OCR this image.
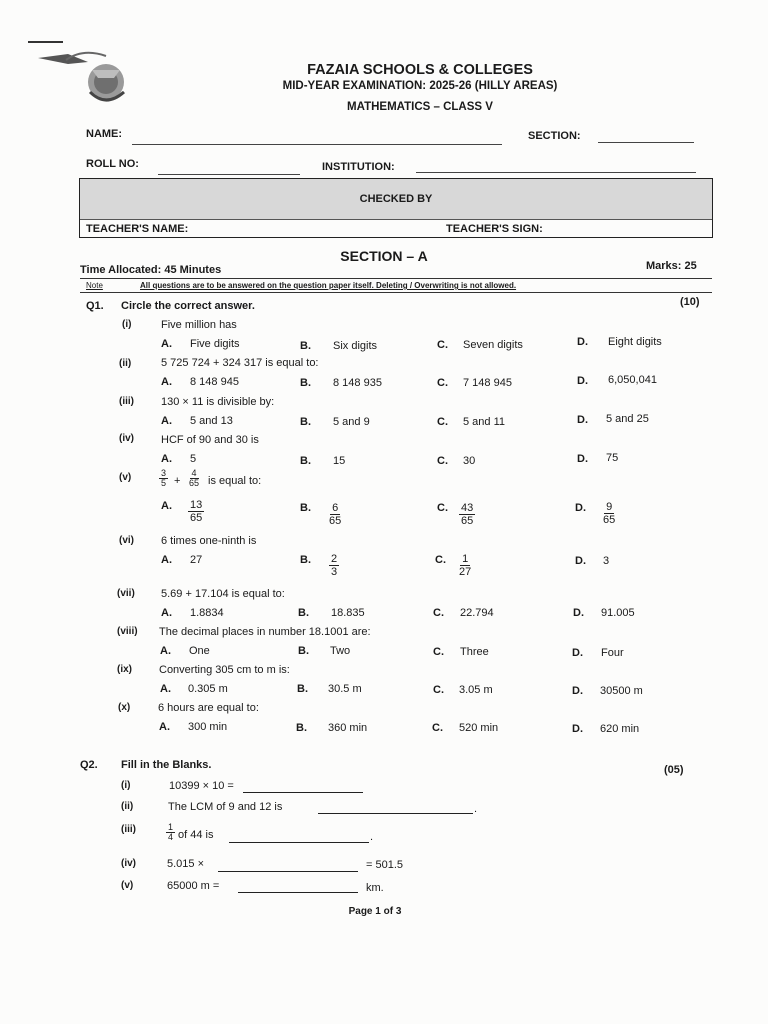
FAZAIA SCHOOLS & COLLEGES
MID-YEAR EXAMINATION: 2025-26 (HILLY AREAS)
MATHEMATICS – CLASS V
NAME:	SECTION:
ROLL NO:	INSTITUTION:
CHECKED BY
TEACHER'S NAME:	TEACHER'S SIGN:
SECTION – A
Time Allocated: 45 Minutes	Marks: 25
Note	All questions are to be answered on the question paper itself. Deleting / Overwriting is not allowed.
Q1. Circle the correct answer.	(10)
(i)	Five million has
A. Five digits	B. Six digits	C. Seven digits	D. Eight digits
(ii)	5 725 724 + 324 317 is equal to:
A. 8 148 945	B. 8 148 935	C. 7 148 945	D. 6,050,041
(iii) 130 × 11 is divisible by:
A. 5 and 13	B. 5 and 9	C. 5 and 11	D. 5 and 25
(iv) HCF of 90 and 30 is
A. 5	B. 15	C. 30	D. 75
(v)	$\frac{3}{5} + \frac{4}{65}$ is equal to:
A. $\frac{13}{65}$	B. $\frac{6}{65}$	C. $\frac{43}{65}$	D. $\frac{9}{65}$
(vi) 6 times one-ninth is
A. 27	B. $\frac{2}{3}$	C. $\frac{1}{27}$	D. 3
(vii) 5.69 + 17.104 is equal to:
A. 1.8834	B. 18.835	C. 22.794	D. 91.005
(viii) The decimal places in number 18.1001 are:
A. One	B. Two	C. Three	D. Four
(ix) Converting 305 cm to m is:
A. 0.305 m	B. 30.5 m	C. 3.05 m	D. 30500 m
(x)	6 hours are equal to:
A. 300 min	B. 360 min	C. 520 min	D. 620 min
Q2. Fill in the Blanks.	(05)
(i)	10399 × 10 =
(ii)	The LCM of 9 and 12 is	.
(iii)	$\frac{1}{4}$ of 44 is	.
(iv)	5.015 ×	= 501.5
(v)	65000 m =	km.
Page 1 of 3
